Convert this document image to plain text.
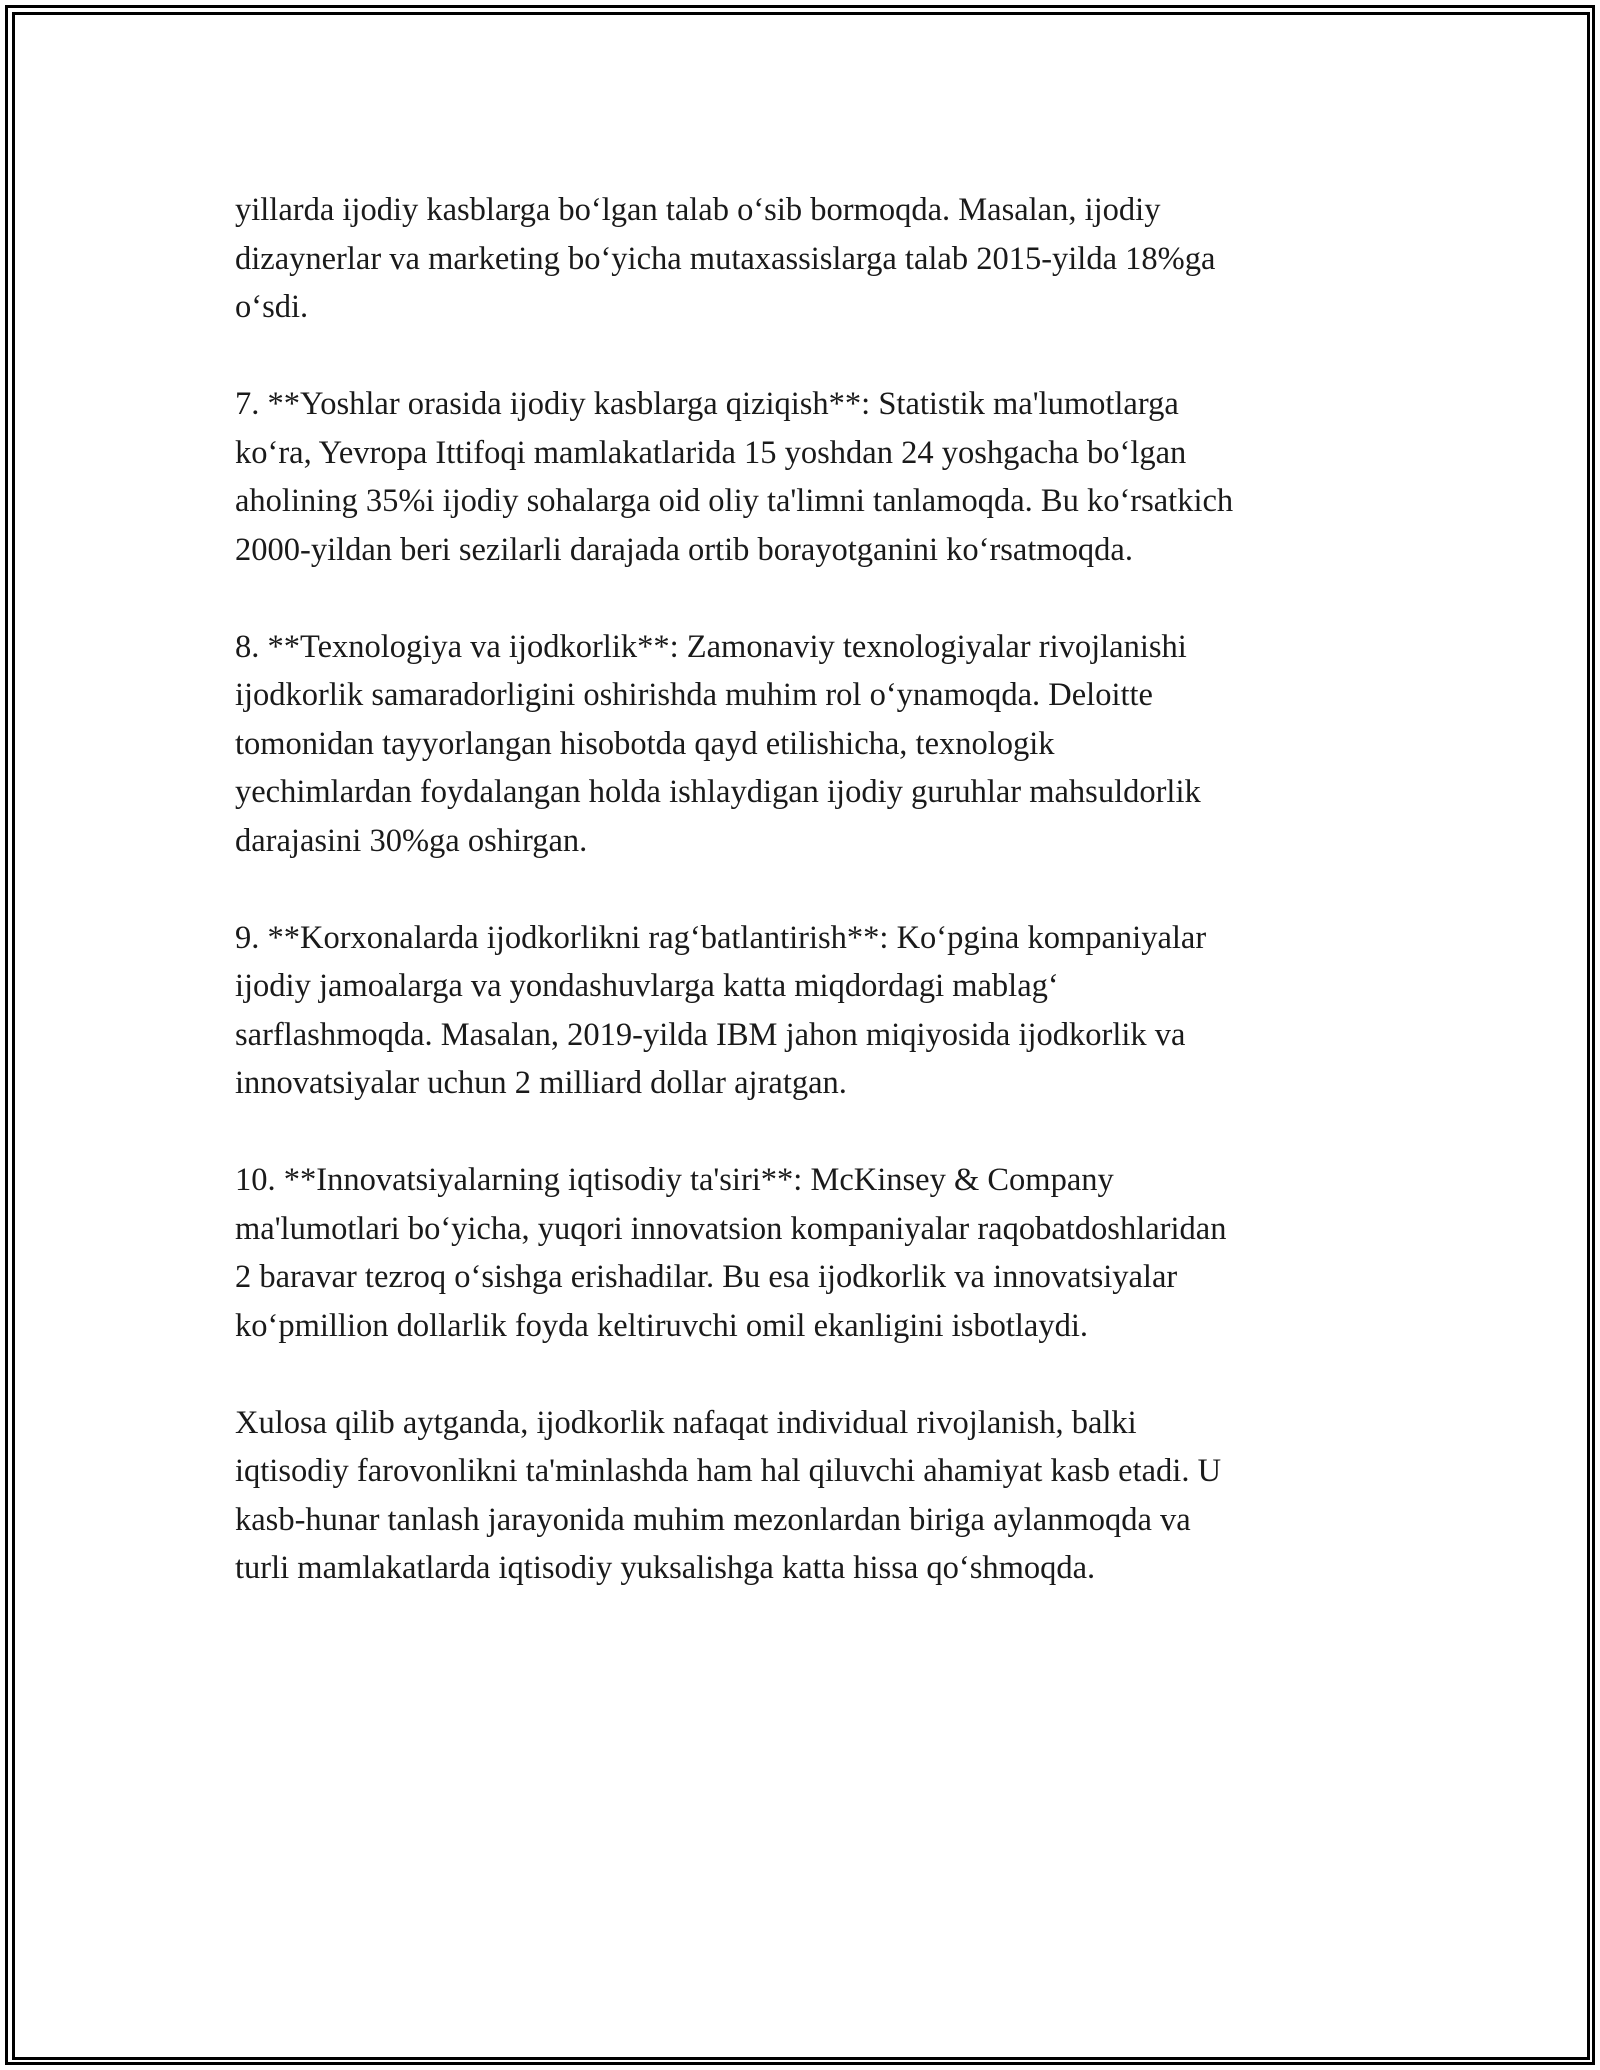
yillarda ijodiy kasblarga bo‘lgan talab o‘sib bormoqda. Masalan, ijodiy
dizaynerlar va marketing bo‘yicha mutaxassislarga talab 2015-yilda 18%ga
o‘sdi.

7. **Yoshlar orasida ijodiy kasblarga qiziqish**: Statistik ma'lumotlarga
ko‘ra, Yevropa Ittifoqi mamlakatlarida 15 yoshdan 24 yoshgacha bo‘lgan
aholining 35%i ijodiy sohalarga oid oliy ta'limni tanlamoqda. Bu ko‘rsatkich
2000-yildan beri sezilarli darajada ortib borayotganini ko‘rsatmoqda.

8. **Texnologiya va ijodkorlik**: Zamonaviy texnologiyalar rivojlanishi
ijodkorlik samaradorligini oshirishda muhim rol o‘ynamoqda. Deloitte
tomonidan tayyorlangan hisobotda qayd etilishicha, texnologik
yechimlardan foydalangan holda ishlaydigan ijodiy guruhlar mahsuldorlik
darajasini 30%ga oshirgan.

9. **Korxonalarda ijodkorlikni rag‘batlantirish**: Ko‘pgina kompaniyalar
ijodiy jamoalarga va yondashuvlarga katta miqdordagi mablag‘
sarflashmoqda. Masalan, 2019-yilda IBM jahon miqiyosida ijodkorlik va
innovatsiyalar uchun 2 milliard dollar ajratgan.

10. **Innovatsiyalarning iqtisodiy ta'siri**: McKinsey & Company
ma'lumotlari bo‘yicha, yuqori innovatsion kompaniyalar raqobatdoshlaridan
2 baravar tezroq o‘sishga erishadilar. Bu esa ijodkorlik va innovatsiyalar
ko‘pmillion dollarlik foyda keltiruvchi omil ekanligini isbotlaydi.

Xulosa qilib aytganda, ijodkorlik nafaqat individual rivojlanish, balki
iqtisodiy farovonlikni ta'minlashda ham hal qiluvchi ahamiyat kasb etadi. U
kasb-hunar tanlash jarayonida muhim mezonlardan biriga aylanmoqda va
turli mamlakatlarda iqtisodiy yuksalishga katta hissa qo‘shmoqda.
